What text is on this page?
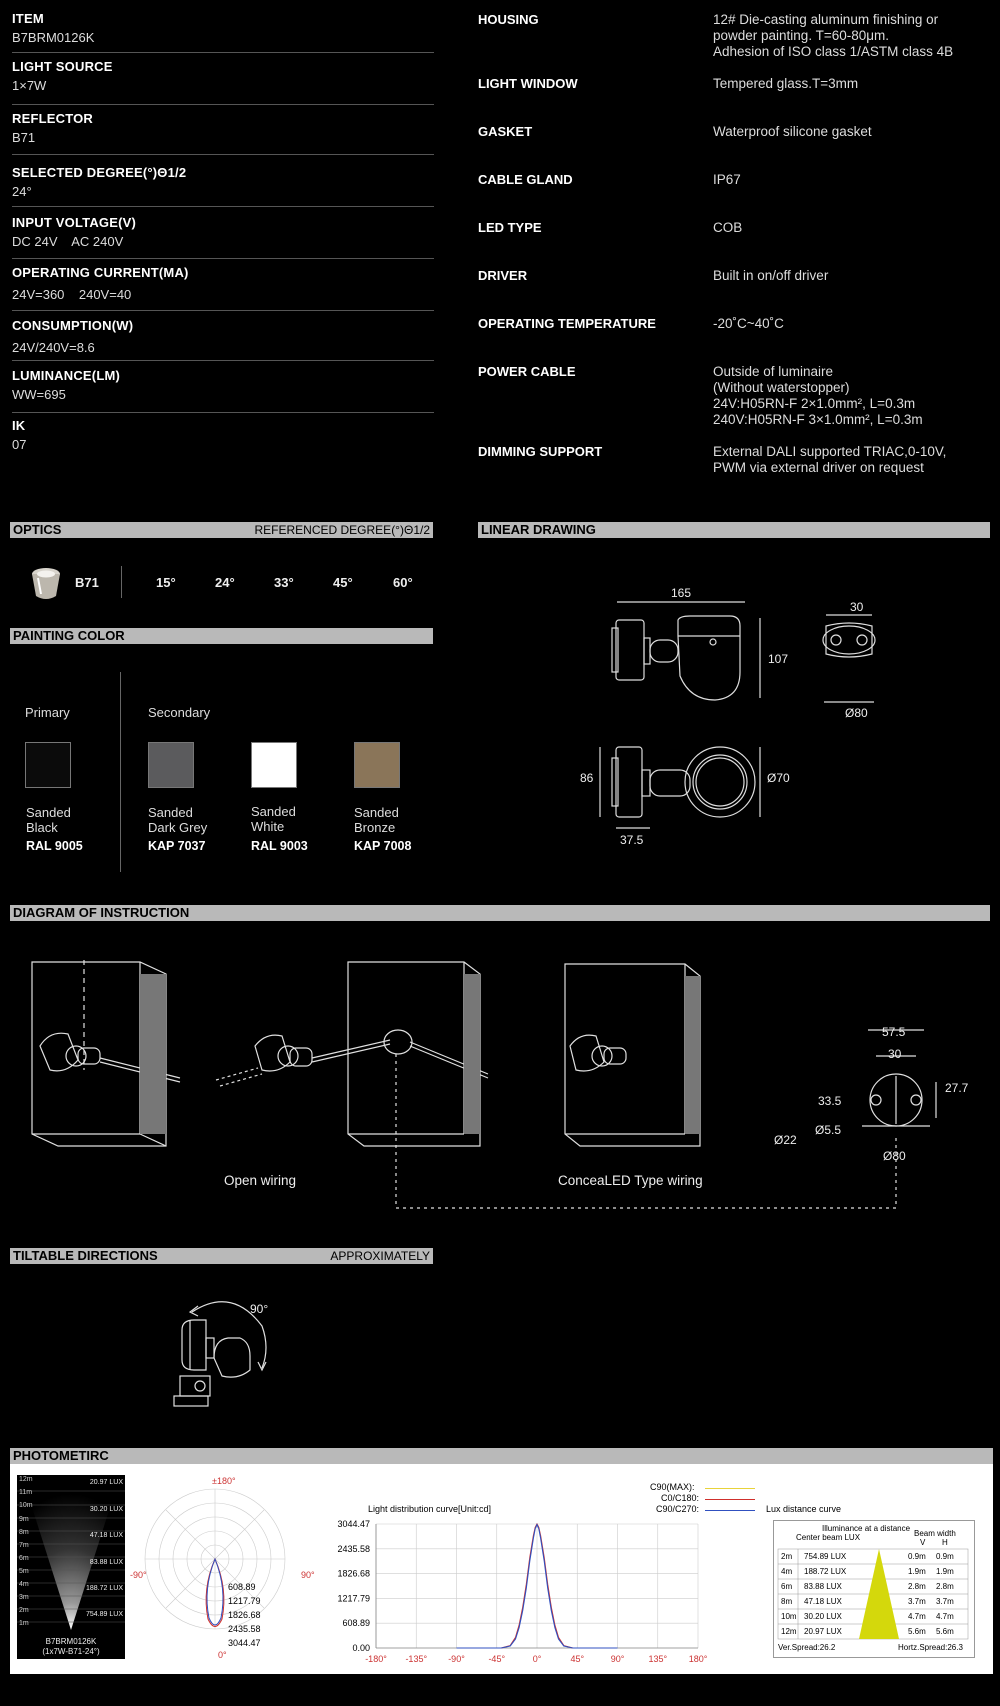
ITEM
B7BRM0126K
LIGHT SOURCE
1×7W
REFLECTOR
B71
SELECTED DEGREE(°)Θ1/2
24°
INPUT VOLTAGE(V)
DC 24V    AC 240V
OPERATING CURRENT(MA)
24V=360    240V=40
CONSUMPTION(W)
24V/240V=8.6
LUMINANCE(LM)
WW=695
IK
07
HOUSING	12# Die-casting aluminum finishing or
powder painting. T=60-80μm.
Adhesion of ISO class 1/ASTM class 4B
LIGHT WINDOW	Tempered glass.T=3mm
GASKET	Waterproof silicone gasket
CABLE GLAND	IP67
LED TYPE	COB
DRIVER	Built in on/off driver
OPERATING TEMPERATURE	-20˚C~40˚C
POWER CABLE	Outside of luminaire
(Without waterstopper)
24V:H05RN-F 2×1.0mm², L=0.3m
240V:H05RN-F 3×1.0mm², L=0.3m
DIMMING SUPPORT	External DALI supported TRIAC,0-10V,
PWM via external driver on request
OPTICS	REFERENCED DEGREE(°)Θ1/2	LINEAR DRAWING
PAINTING COLOR
DIAGRAM OF INSTRUCTION
TILTABLE DIRECTIONS	APPROXIMATELY
PHOTOMETIRC
B71	15°	24°	33°	45°	60°
Primary	Secondary
Sanded
Black
RAL 9005
Sanded
Dark Grey
KAP 7037
Sanded
White
RAL 9003
Sanded
Bronze
KAP 7008
165
30
107
Ø80
86	Ø70
37.5
Open wiring	ConceaLED Type wiring
57.5
30
27.7
33.5
Ø5.5
Ø22
Ø80
90°
12m
11m
10m
9m
8m
7m
6m
5m
4m
3m
2m
1m
20.97 LUX
30.20 LUX
47.18 LUX
83.88 LUX
188.72 LUX
754.89 LUX
B7BRM0126K
(1x7W-B71-24°)
±180°
-90°	90°
0°
608.89
1217.79
1826.68
2435.58
3044.47
C90(MAX):
C0/C180:
C90/C270:
Light distribution curve[Unit:cd]
3044.47
2435.58
1826.68
1217.79
608.89
0.00
-180° -135° -90°	-45°	0°	45°	90°	135° 180°
Lux distance curve
Illuminance at a distance
Center beam LUX	Beam width
V H
2m 754.89 LUX	0.9m 0.9m
4m 188.72 LUX	1.9m 1.9m
6m 83.88 LUX	2.8m 2.8m
8m 47.18 LUX	3.7m 3.7m
10m 30.20 LUX	4.7m 4.7m
12m 20.97 LUX	5.6m 5.6m
Ver.Spread:26.2	Hortz.Spread:26.3
